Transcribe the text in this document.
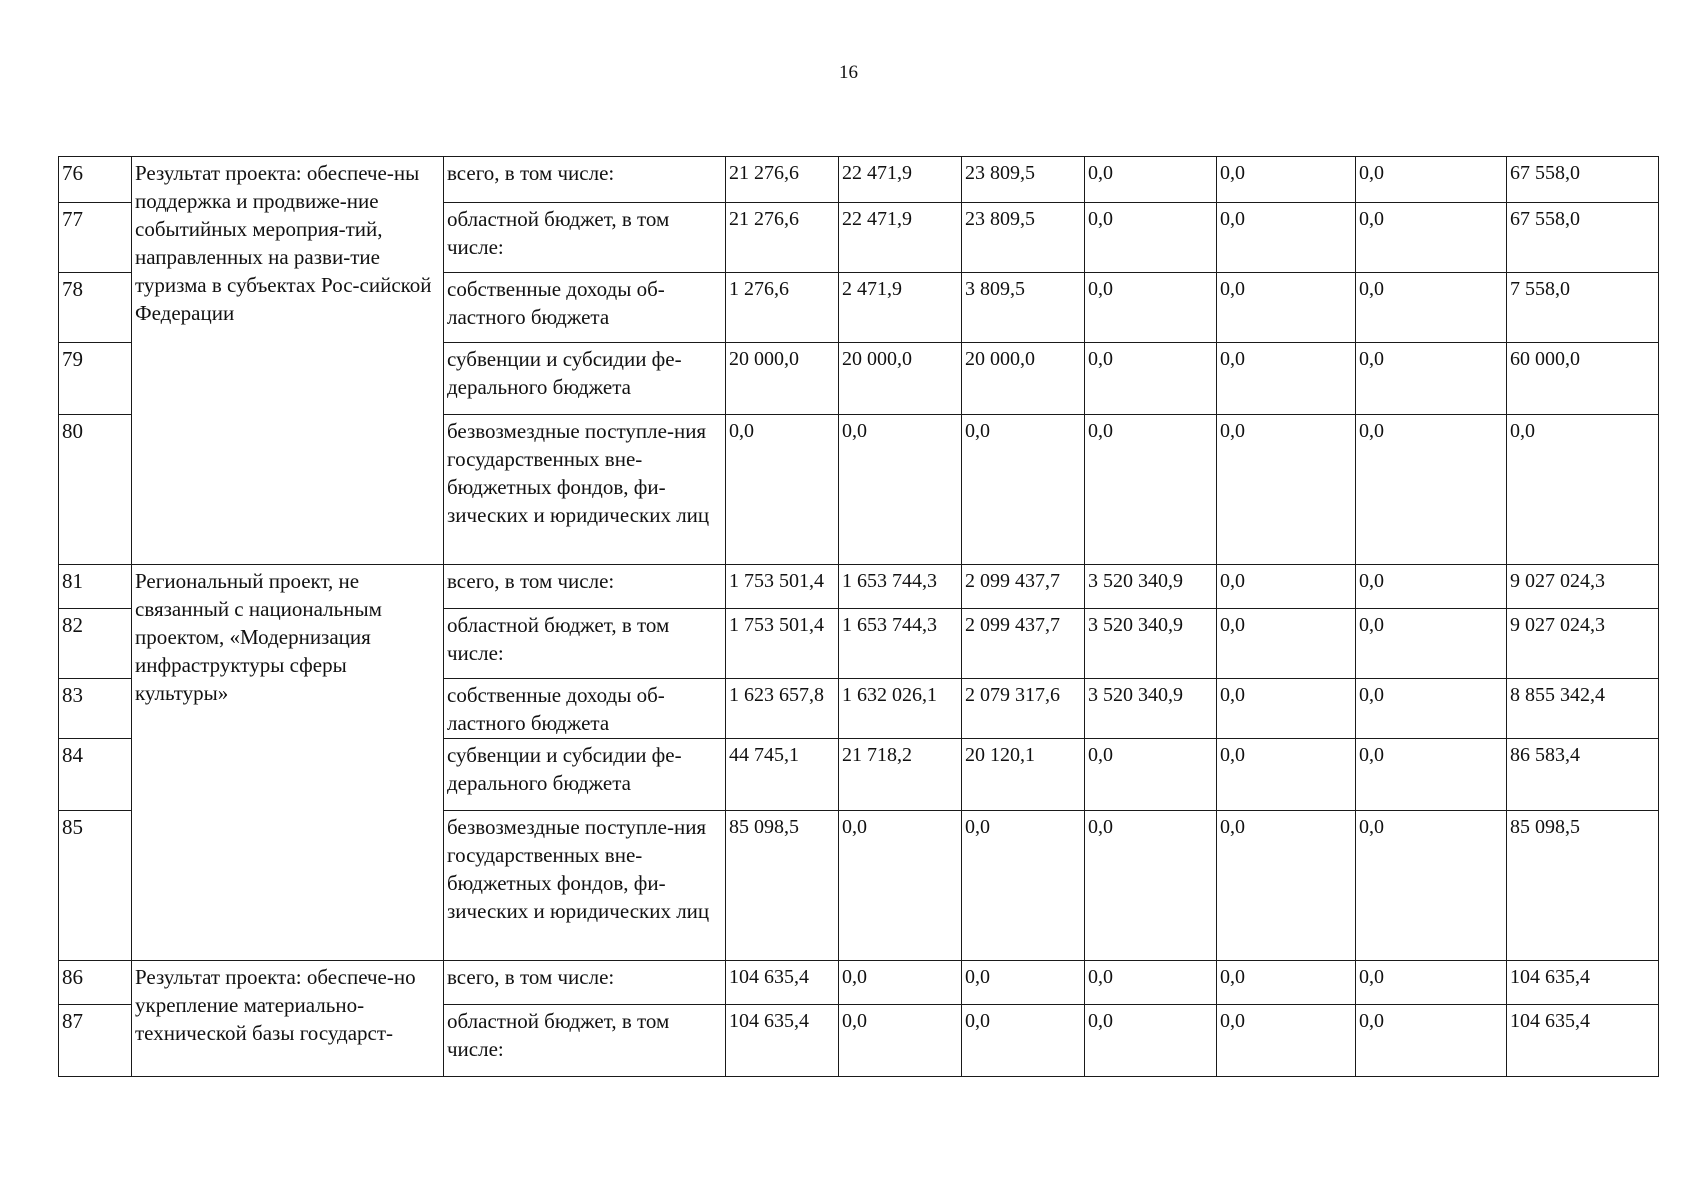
16
76	Результат проекта: обеспече-ны поддержка и продвиже-ние событийных мероприя-тий, направленных на разви-тие туризма в субъектах Рос-сийской Федерации	всего, в том числе:	21 276,6	22 471,9	23 809,5	0,0	0,0	0,0	67 558,0
77		областной бюджет, в том числе:	21 276,6	22 471,9	23 809,5	0,0	0,0	0,0	67 558,0
78		собственные доходы об-ластного бюджета	1 276,6	2 471,9	3 809,5	0,0	0,0	0,0	7 558,0
79		субвенции и субсидии фе-дерального бюджета	20 000,0	20 000,0	20 000,0	0,0	0,0	0,0	60 000,0
80		безвозмездные поступле-ния государственных вне-бюджетных фондов, фи-зических и юридических лиц	0,0	0,0	0,0	0,0	0,0	0,0	0,0
81	Региональный проект, не связанный с национальным проектом, «Модернизация инфраструктуры сферы культуры»	всего, в том числе:	1 753 501,4	1 653 744,3	2 099 437,7	3 520 340,9	0,0	0,0	9 027 024,3
82		областной бюджет, в том числе:	1 753 501,4	1 653 744,3	2 099 437,7	3 520 340,9	0,0	0,0	9 027 024,3
83		собственные доходы об-ластного бюджета	1 623 657,8	1 632 026,1	2 079 317,6	3 520 340,9	0,0	0,0	8 855 342,4
84		субвенции и субсидии фе-дерального бюджета	44 745,1	21 718,2	20 120,1	0,0	0,0	0,0	86 583,4
85		безвозмездные поступле-ния государственных вне-бюджетных фондов, фи-зических и юридических лиц	85 098,5	0,0	0,0	0,0	0,0	0,0	85 098,5
86	Результат проекта: обеспече-но укрепление материально-технической базы государст-	всего, в том числе:	104 635,4	0,0	0,0	0,0	0,0	0,0	104 635,4
87		областной бюджет, в том числе:	104 635,4	0,0	0,0	0,0	0,0	0,0	104 635,4
